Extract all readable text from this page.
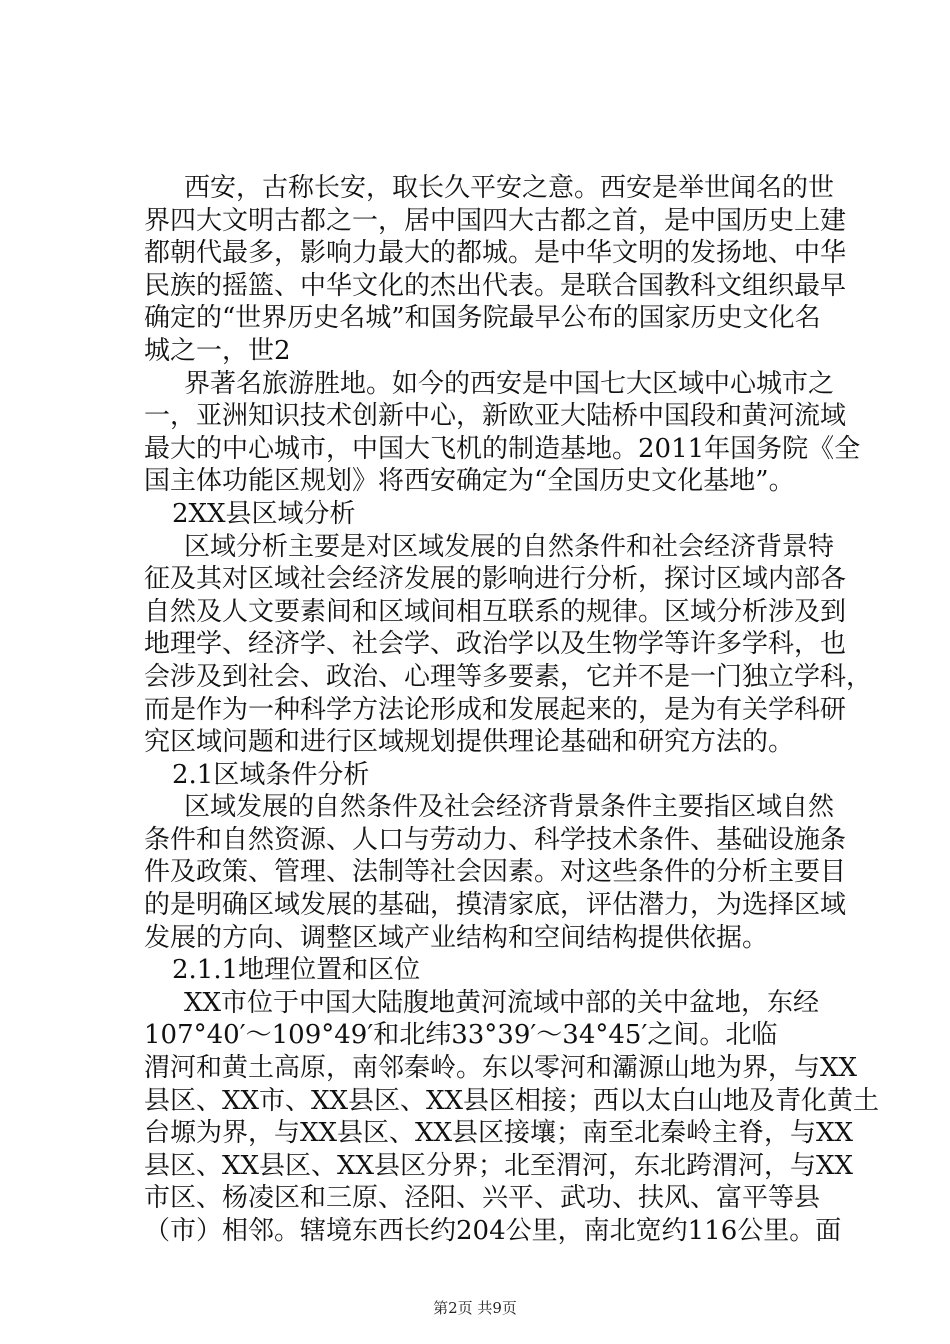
西安，古称长安，取长久平安之意。西安是举世闻名的世
界四大文明古都之一，居中国四大古都之首，是中国历史上建
都朝代最多，影响力最大的都城。是中华文明的发扬地、中华
民族的摇篮、中华文化的杰出代表。是联合国教科文组织最早
确定的“世界历史名城”和国务院最早公布的国家历史文化名
城之一，世2
界著名旅游胜地。如今的西安是中国七大区域中心城市之
一，亚洲知识技术创新中心，新欧亚大陆桥中国段和黄河流域
最大的中心城市，中国大飞机的制造基地。2011年国务院《全
国主体功能区规划》将西安确定为“全国历史文化基地”。
2XX县区域分析
区域分析主要是对区域发展的自然条件和社会经济背景特
征及其对区域社会经济发展的影响进行分析，探讨区域内部各
自然及人文要素间和区域间相互联系的规律。区域分析涉及到
地理学、经济学、社会学、政治学以及生物学等许多学科，也
会涉及到社会、政治、心理等多要素，它并不是一门独立学科，
而是作为一种科学方法论形成和发展起来的，是为有关学科研
究区域问题和进行区域规划提供理论基础和研究方法的。
2.1区域条件分析
区域发展的自然条件及社会经济背景条件主要指区域自然
条件和自然资源、人口与劳动力、科学技术条件、基础设施条
件及政策、管理、法制等社会因素。对这些条件的分析主要目
的是明确区域发展的基础，摸清家底，评估潜力，为选择区域
发展的方向、调整区域产业结构和空间结构提供依据。
2.1.1地理位置和区位
XX市位于中国大陆腹地黄河流域中部的关中盆地，东经
107°40′～109°49′和北纬33°39′～34°45′之间。北临
渭河和黄土高原，南邻秦岭。东以零河和灞源山地为界，与XX
县区、XX市、XX县区、XX县区相接；西以太白山地及青化黄土
台塬为界，与XX县区、XX县区接壤；南至北秦岭主脊，与XX
县区、XX县区、XX县区分界；北至渭河，东北跨渭河，与XX
市区、杨凌区和三原、泾阳、兴平、武功、扶风、富平等县
（市）相邻。辖境东西长约204公里，南北宽约116公里。面
第2页 共9页
